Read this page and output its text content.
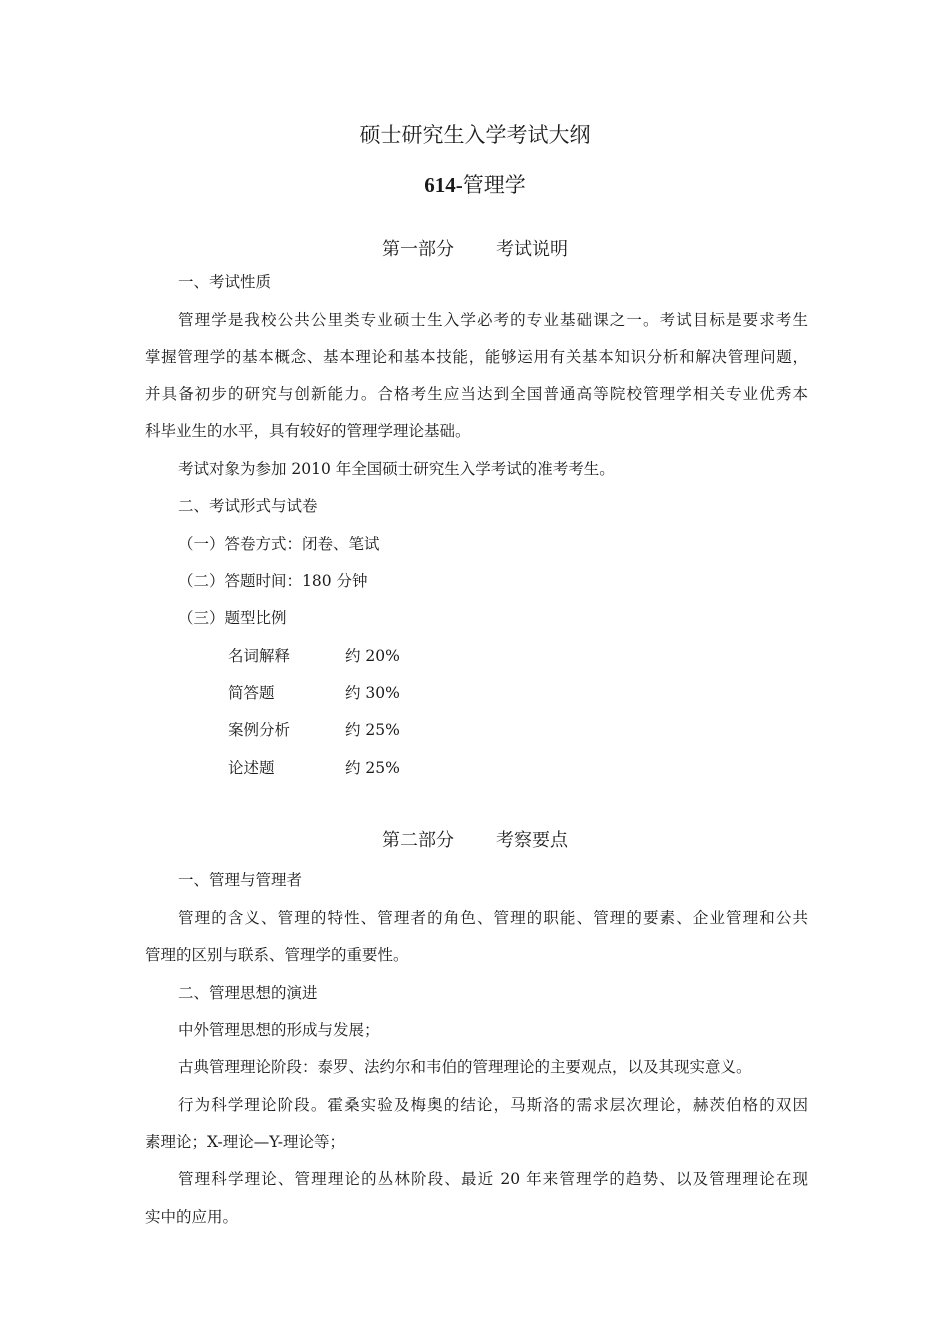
硕士研究生入学考试大纲
614-管理学
第一部分 考试说明
一、考试性质
管理学是我校公共公里类专业硕士生入学必考的专业基础课之一。考试目标是要求考生
掌握管理学的基本概念、基本理论和基本技能，能够运用有关基本知识分析和解决管理问题，
并具备初步的研究与创新能力。合格考生应当达到全国普通高等院校管理学相关专业优秀本
科毕业生的水平，具有较好的管理学理论基础。
考试对象为参加 2010 年全国硕士研究生入学考试的准考考生。
二、考试形式与试卷
（一）答卷方式：闭卷、笔试
（二）答题时间：180 分钟
（三）题型比例
名词解释	约 20%
简答题	约 30%
案例分析	约 25%
论述题	约 25%
第二部分 考察要点
一、管理与管理者
管理的含义、管理的特性、管理者的角色、管理的职能、管理的要素、企业管理和公共
管理的区别与联系、管理学的重要性。
二、管理思想的演进
中外管理思想的形成与发展；
古典管理理论阶段：泰罗、法约尔和韦伯的管理理论的主要观点，以及其现实意义。
行为科学理论阶段。霍桑实验及梅奥的结论，马斯洛的需求层次理论，赫茨伯格的双因
素理论；X-理论—Y-理论等；
管理科学理论、管理理论的丛林阶段、最近 20 年来管理学的趋势、以及管理理论在现
实中的应用。
